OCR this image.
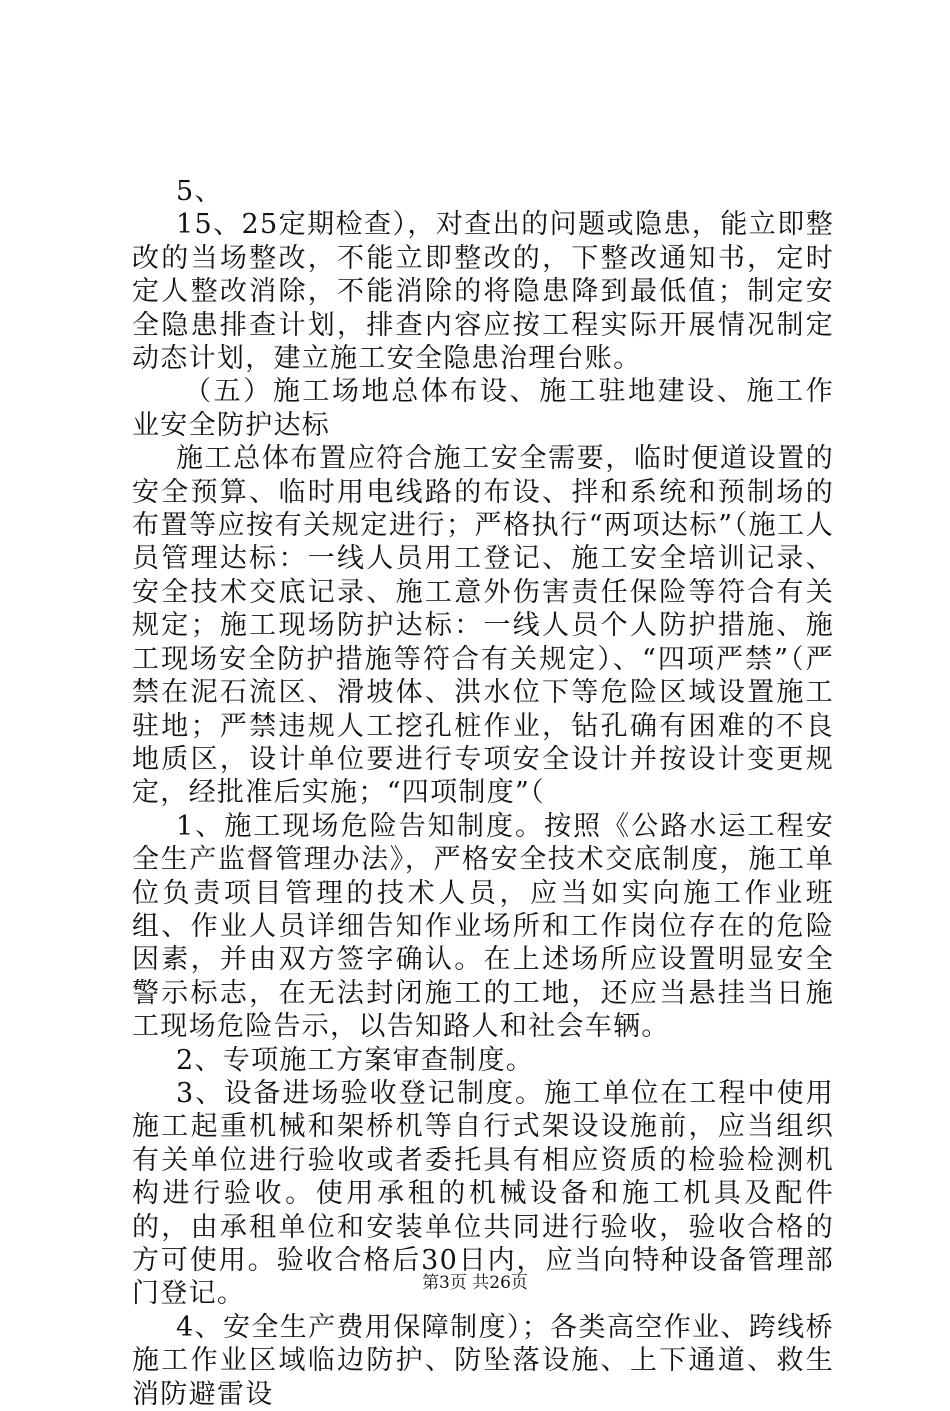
5、

15、25定期检查），对查出的问题或隐患，能立即整改的当场整改，不能立即整改的，下整改通知书，定时定人整改消除，不能消除的将隐患降到最低值；制定安全隐患排查计划，排查内容应按工程实际开展情况制定动态计划，建立施工安全隐患治理台账。

（五）施工场地总体布设、施工驻地建设、施工作业安全防护达标

施工总体布置应符合施工安全需要，临时便道设置的安全预算、临时用电线路的布设、拌和系统和预制场的布置等应按有关规定进行；严格执行“两项达标”（施工人员管理达标：一线人员用工登记、施工安全培训记录、安全技术交底记录、施工意外伤害责任保险等符合有关规定；施工现场防护达标：一线人员个人防护措施、施工现场安全防护措施等符合有关规定）、“四项严禁”（严禁在泥石流区、滑坡体、洪水位下等危险区域设置施工驻地；严禁违规人工挖孔桩作业，钻孔确有困难的不良地质区，设计单位要进行专项安全设计并按设计变更规定，经批准后实施；“四项制度”（

1、施工现场危险告知制度。按照《公路水运工程安全生产监督管理办法》，严格安全技术交底制度，施工单位负责项目管理的技术人员，应当如实向施工作业班组、作业人员详细告知作业场所和工作岗位存在的危险因素，并由双方签字确认。在上述场所应设置明显安全警示标志，在无法封闭施工的工地，还应当悬挂当日施工现场危险告示，以告知路人和社会车辆。

2、专项施工方案审查制度。

3、设备进场验收登记制度。施工单位在工程中使用施工起重机械和架桥机等自行式架设设施前，应当组织有关单位进行验收或者委托具有相应资质的检验检测机构进行验收。使用承租的机械设备和施工机具及配件的，由承租单位和安装单位共同进行验收，验收合格的方可使用。验收合格后30日内，应当向特种设备管理部门登记。

4、安全生产费用保障制度）；各类高空作业、跨线桥施工作业区域临边防护、防坠落设施、上下通道、救生消防避雷设

第3页 共26页
